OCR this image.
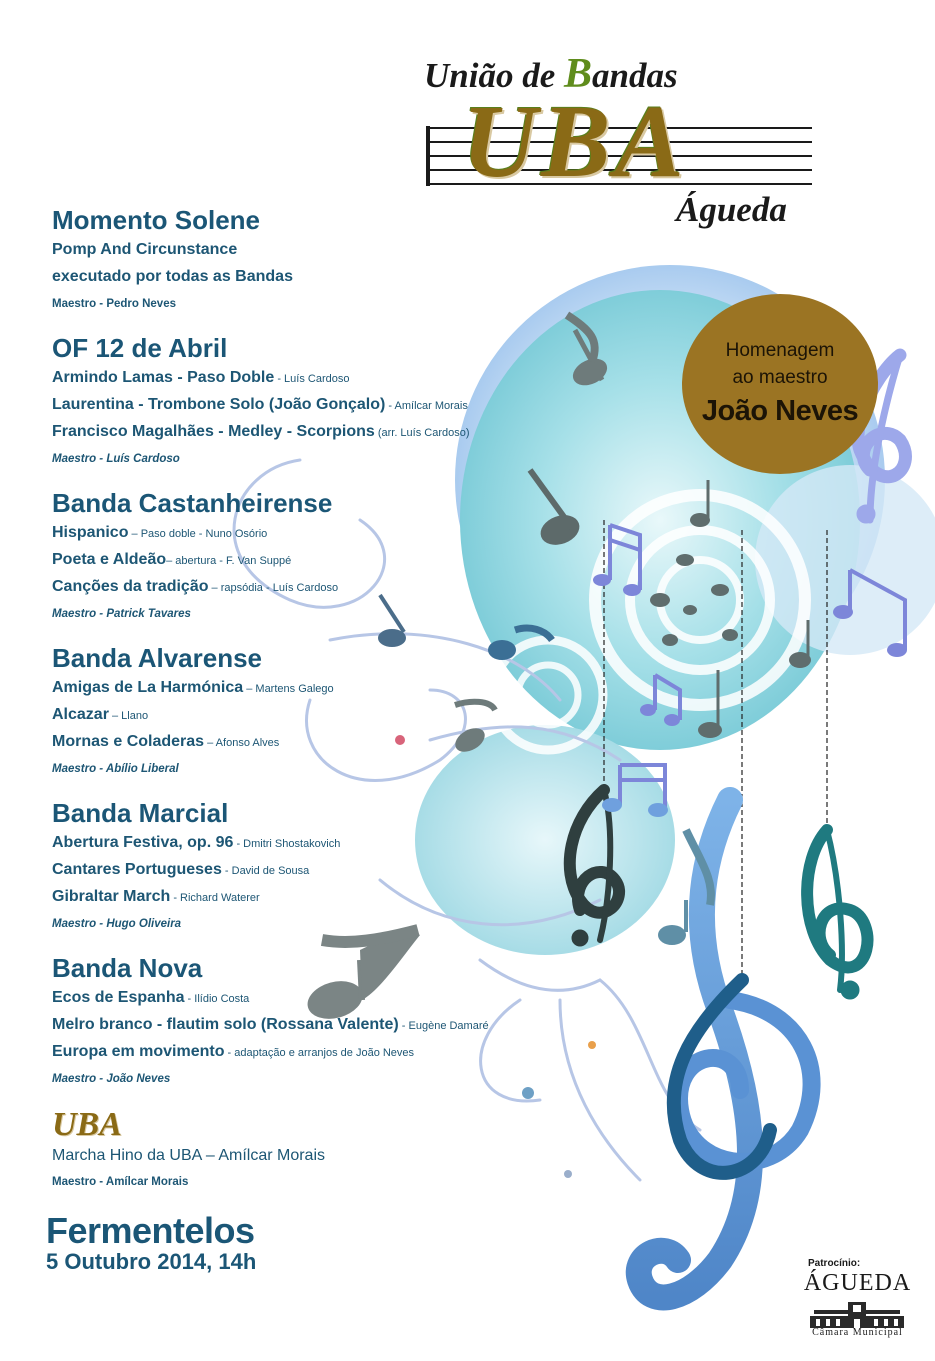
União de Bandas
UBA
Águeda
Homenagem
ao maestro
João Neves
Momento Solene
Pomp And Circunstance
executado por todas as Bandas
Maestro - Pedro Neves
OF 12 de Abril
Armindo Lamas - Paso Doble - Luís Cardoso
Laurentina - Trombone Solo (João Gonçalo) - Amílcar Morais
Francisco Magalhães - Medley - Scorpions (arr. Luís Cardoso)
Maestro - Luís Cardoso
Banda Castanheirense
Hispanico – Paso doble - Nuno Osório
Poeta e Aldeão– abertura - F. Van Suppé
Canções da tradição – rapsódia - Luís Cardoso
Maestro - Patrick Tavares
Banda Alvarense
Amigas de La Harmónica – Martens Galego
Alcazar – Llano
Mornas e Coladeras – Afonso Alves
Maestro - Abílio Liberal
Banda Marcial
Abertura Festiva, op. 96 - Dmitri Shostakovich
Cantares Portugueses - David de Sousa
Gibraltar March - Richard Waterer
Maestro - Hugo Oliveira
Banda Nova
Ecos de Espanha - Ilídio Costa
Melro branco - flautim solo (Rossana Valente) - Eugène Damaré
Europa em movimento - adaptação e arranjos de João Neves
Maestro - João Neves
UBA
Marcha Hino da UBA – Amílcar Morais
Maestro - Amílcar Morais
Fermentelos
5 Outubro 2014, 14h	Patrocínio:
ÁGUEDA
Câmara Municipal
